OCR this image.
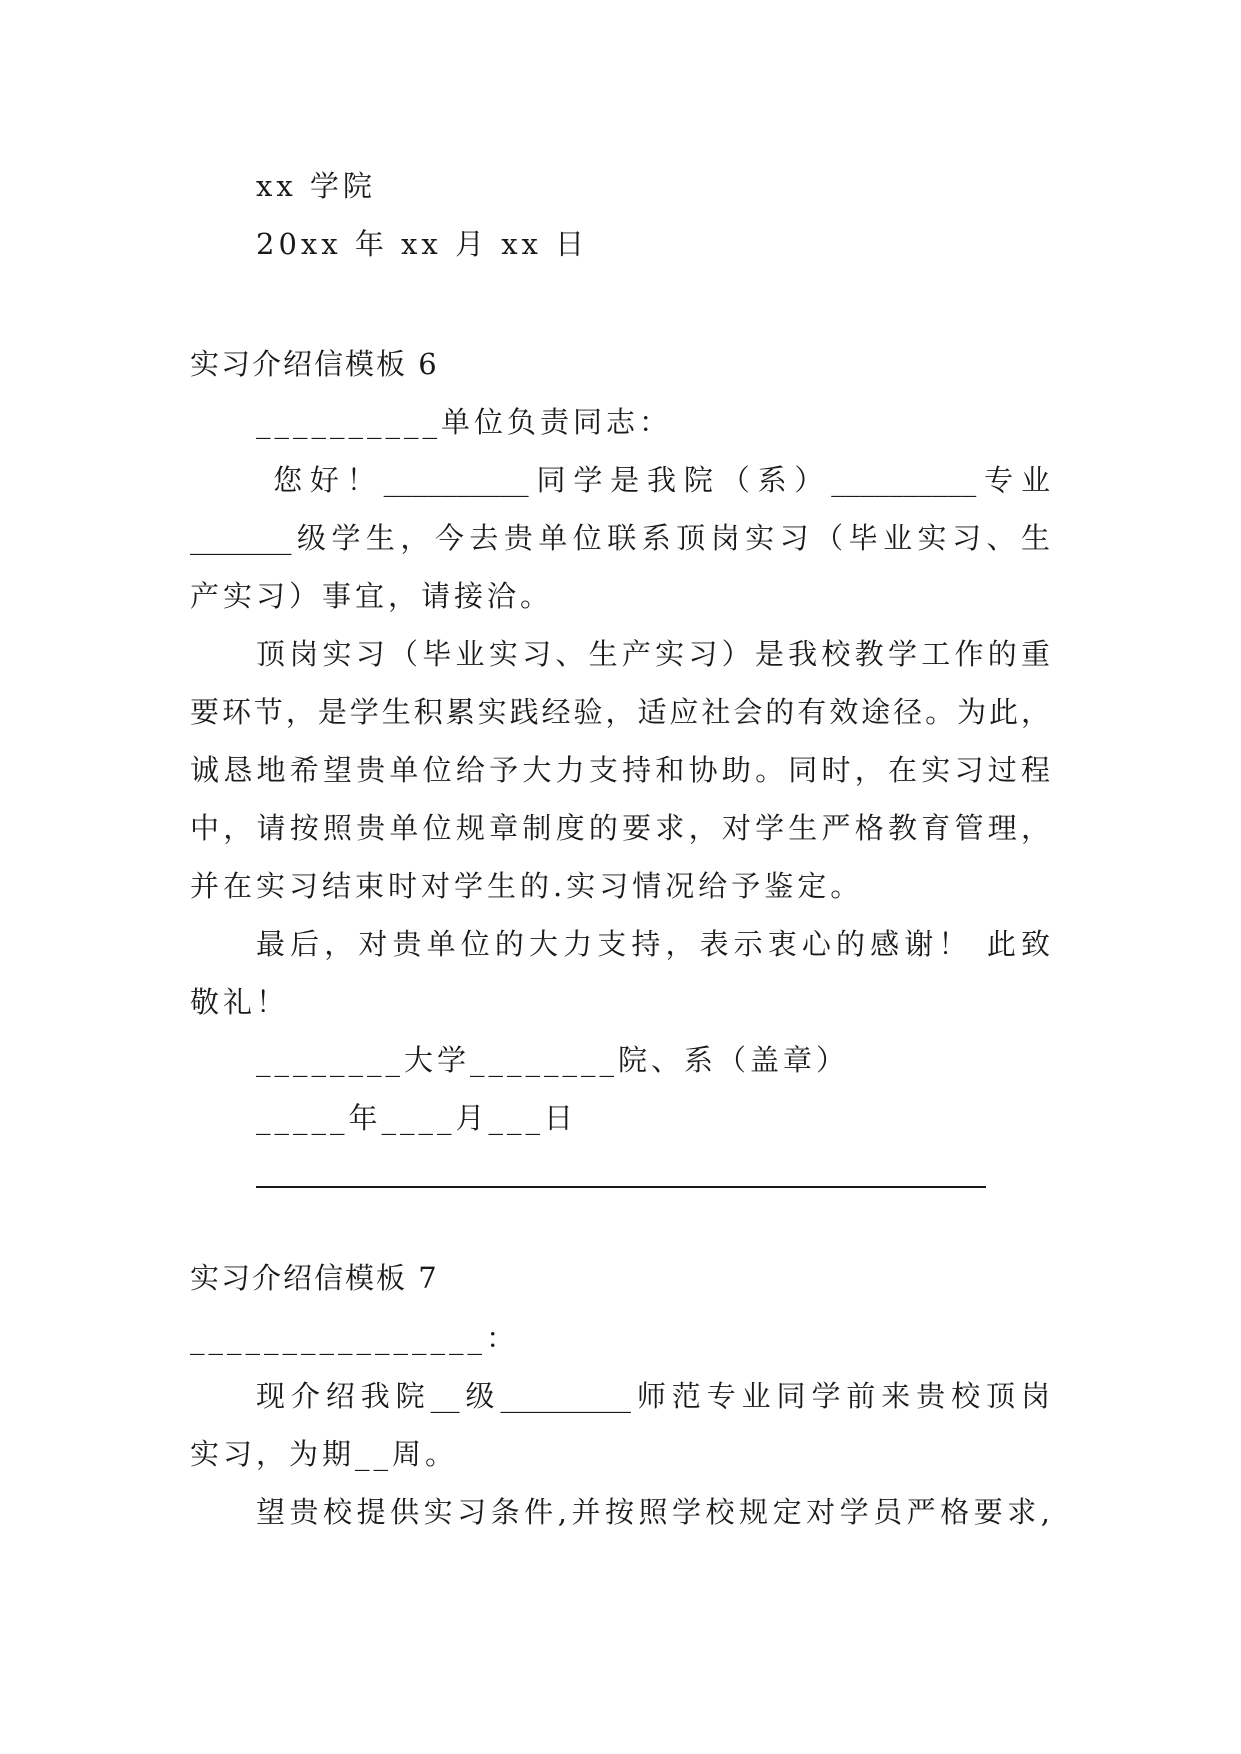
xx 学院
20xx 年 xx 月 xx 日
实习介绍信模板 6
__________单位负责同志：
您好！__________同学是我院（系）__________专业
_______级学生，今去贵单位联系顶岗实习（毕业实习、生
产实习）事宜，请接洽。
顶岗实习（毕业实习、生产实习）是我校教学工作的重
要环节，是学生积累实践经验，适应社会的有效途径。为此，
诚恳地希望贵单位给予大力支持和协助。同时，在实习过程
中，请按照贵单位规章制度的要求，对学生严格教育管理，
并在实习结束时对学生的.实习情况给予鉴定。
最后，对贵单位的大力支持，表示衷心的感谢！ 此致
敬礼！
________大学________院、系（盖章）
_____年____月___日
实习介绍信模板 7
________________：
现介绍我院__级_________师范专业同学前来贵校顶岗
实习，为期__周。
望贵校提供实习条件,并按照学校规定对学员严格要求,
